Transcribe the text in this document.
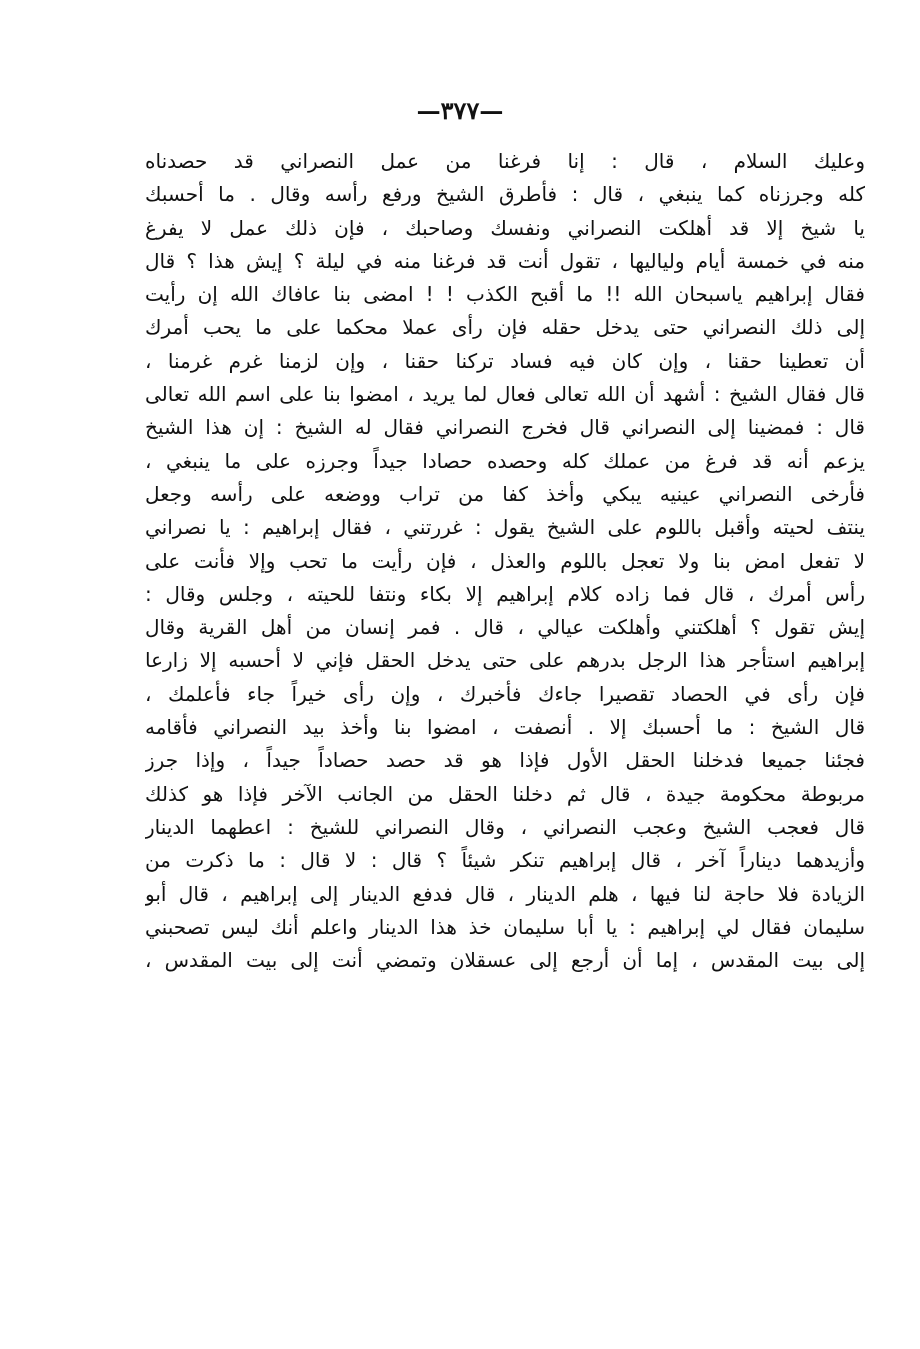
—٣٧٧—
وعليك السلام ، قال : إنا فرغنا من عمل النصراني قد حصدناه
كله وجرزناه كما ينبغي ، قال : فأطرق الشيخ ورفع رأسه وقال . ما أحسبك
يا شيخ إلا قد أهلكت النصراني ونفسك وصاحبك ، فإن ذلك عمل لا يفرغ
منه في خمسة أيام ولياليها ، تقول أنت قد فرغنا منه في ليلة ؟ إيش هذا ؟ قال
فقال إبراهيم ياسبحان الله !! ما أقبح الكذب ! ! امضى بنا عافاك الله إن رأيت
إلى ذلك النصراني حتى يدخل حقله فإن رأى عملا محكما على ما يحب أمرك
أن تعطينا حقنا ، وإن كان فيه فساد تركنا حقنا ، وإن لزمنا غرم غرمنا ،
قال فقال الشيخ : أشهد أن الله تعالى فعال لما يريد ، امضوا بنا على اسم الله تعالى
قال : فمضينا إلى النصراني قال فخرج النصراني فقال له الشيخ : إن هذا الشيخ
يزعم أنه قد فرغ من عملك كله وحصده حصادا جيداً وجرزه على ما ينبغي ،
فأرخى النصراني عينيه يبكي وأخذ كفا من تراب ووضعه على رأسه وجعل
ينتف لحيته وأقبل باللوم على الشيخ يقول : غررتني ، فقال إبراهيم : يا نصراني
لا تفعل امض بنا ولا تعجل باللوم والعذل ، فإن رأيت ما تحب وإلا فأنت على
رأس أمرك ، قال فما زاده كلام إبراهيم إلا بكاء ونتفا للحيته ، وجلس وقال :
إيش تقول ؟ أهلكتني وأهلكت عيالي ، قال . فمر إنسان من أهل القرية وقال
إبراهيم استأجر هذا الرجل بدرهم على حتى يدخل الحقل فإني لا أحسبه إلا زارعا
فإن رأى في الحصاد تقصيرا جاءك فأخبرك ، وإن رأى خيراً جاء فأعلمك ،
قال الشيخ : ما أحسبك إلا . أنصفت ، امضوا بنا وأخذ بيد النصراني فأقامه
فجئنا جميعا فدخلنا الحقل الأول فإذا هو قد حصد حصاداً جيداً ، وإذا جرز
مربوطة محكومة جيدة ، قال ثم دخلنا الحقل من الجانب الآخر فإذا هو كذلك
قال فعجب الشيخ وعجب النصراني ، وقال النصراني للشيخ : اعطهما الدينار
وأزيدهما ديناراً آخر ، قال إبراهيم تنكر شيئاً ؟ قال : لا قال : ما ذكرت من
الزيادة فلا حاجة لنا فيها ، هلم الدينار ، قال فدفع الدينار إلى إبراهيم ، قال أبو
سليمان فقال لي إبراهيم : يا أبا سليمان خذ هذا الدينار واعلم أنك ليس تصحبني
إلى بيت المقدس ، إما أن أرجع إلى عسقلان وتمضي أنت إلى بيت المقدس ،
